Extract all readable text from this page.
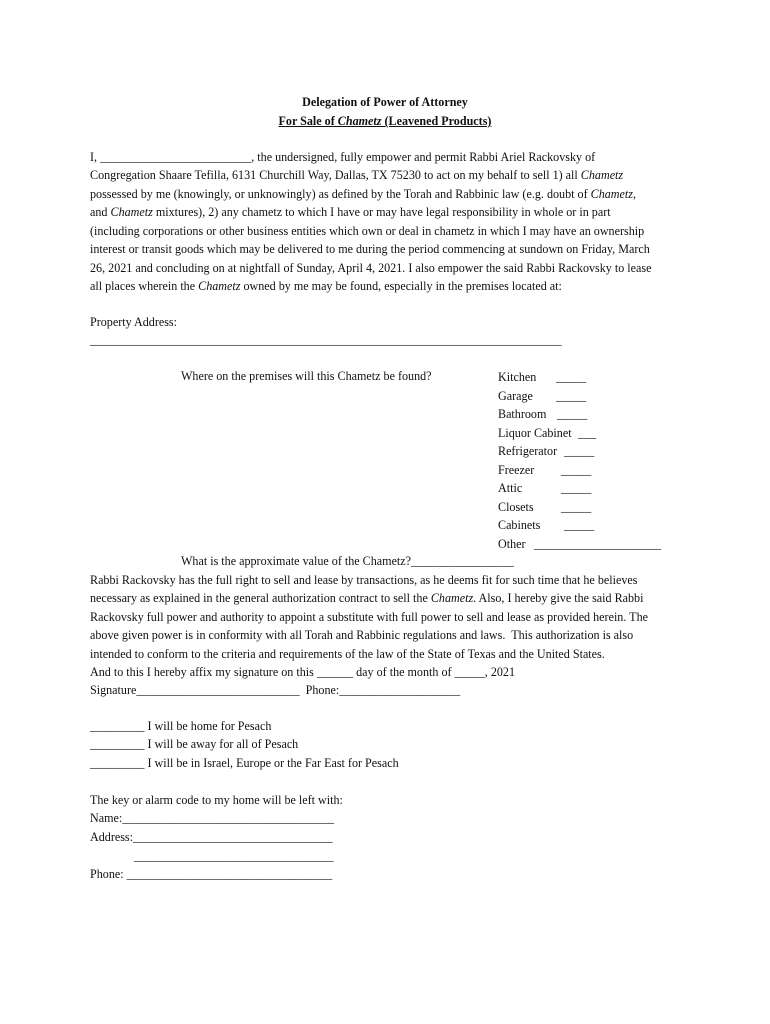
Delegation of Power of Attorney
For Sale of Chametz (Leavened Products)
I, _________________________, the undersigned, fully empower and permit Rabbi Ariel Rackovsky of
Congregation Shaare Tefilla, 6131 Churchill Way, Dallas, TX 75230 to act on my behalf to sell 1) all Chametz
possessed by me (knowingly, or unknowingly) as defined by the Torah and Rabbinic law (e.g. doubt of Chametz,
and Chametz mixtures), 2) any chametz to which I have or may have legal responsibility in whole or in part
(including corporations or other business entities which own or deal in chametz in which I may have an ownership
interest or transit goods which may be delivered to me during the period commencing at sundown on Friday, March
26, 2021 and concluding on at nightfall of Sunday, April 4, 2021. I also empower the said Rabbi Rackovsky to lease
all places wherein the Chametz owned by me may be found, especially in the premises located at:
Property Address:
______________________________________________________________________________
Where on the premises will this Chametz be found?	Kitchen _____
Garage _____
Bathroom _____
Liquor Cabinet ___
Refrigerator _____
Freezer _____
Attic	_____
Closets _____
Cabinets _____
Other _____________________
What is the approximate value of the Chametz?_________________
Rabbi Rackovsky has the full right to sell and lease by transactions, as he deems fit for such time that he believes
necessary as explained in the general authorization contract to sell the Chametz. Also, I hereby give the said Rabbi
Rackovsky full power and authority to appoint a substitute with full power to sell and lease as provided herein. The
above given power is in conformity with all Torah and Rabbinic regulations and laws.  This authorization is also
intended to conform to the criteria and requirements of the law of the State of Texas and the United States.
And to this I hereby affix my signature on this ______ day of the month of _____, 2021
Signature___________________________  Phone:____________________
_________ I will be home for Pesach
_________ I will be away for all of Pesach
_________ I will be in Israel, Europe or the Far East for Pesach
The key or alarm code to my home will be left with:
Name:___________________________________
Address:_________________________________
_________________________________
Phone: __________________________________
